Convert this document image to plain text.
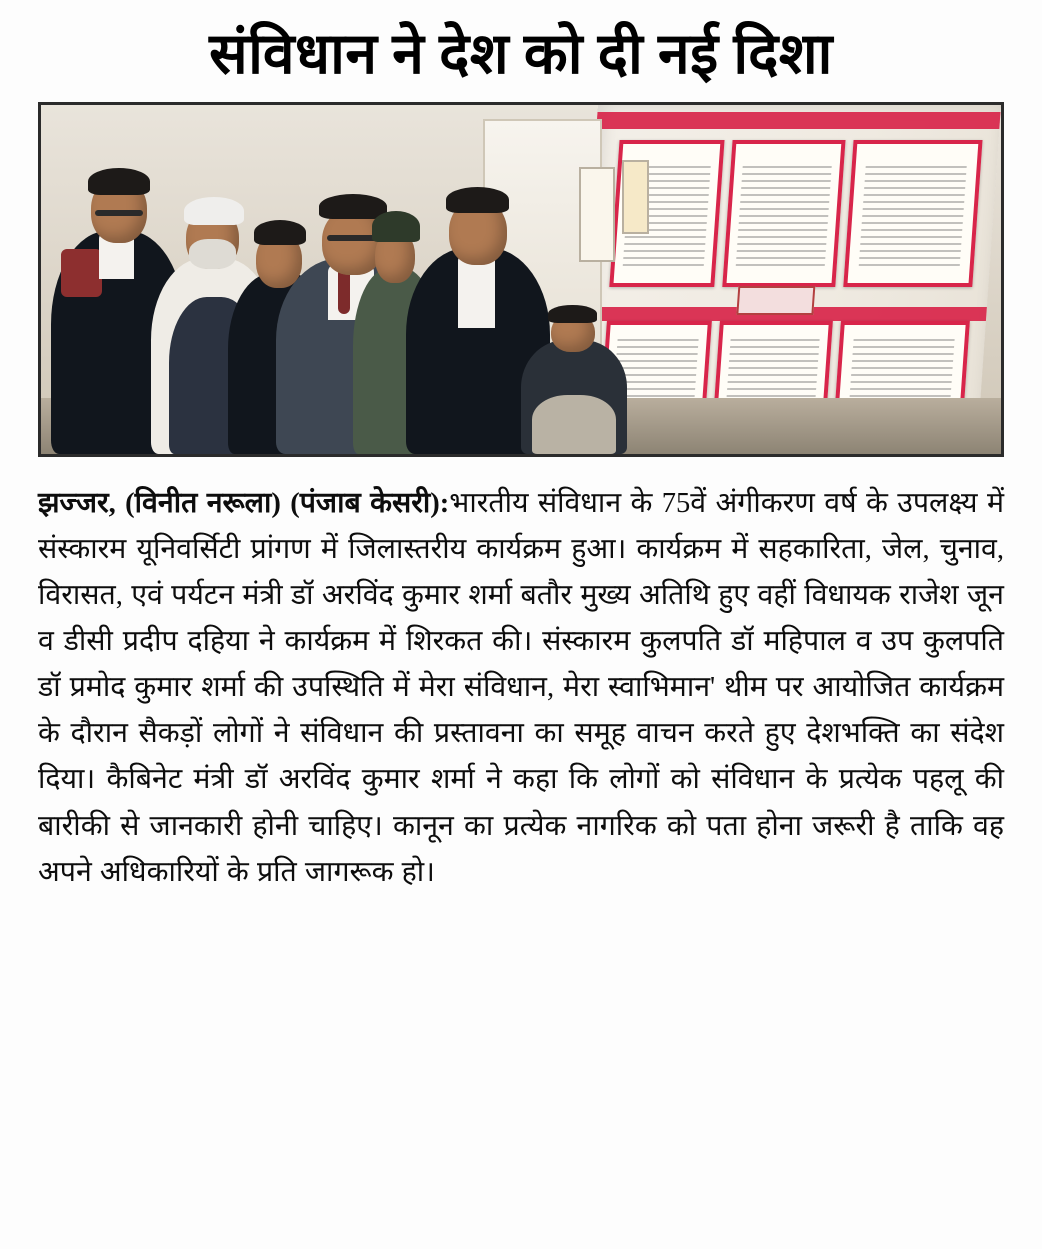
संविधान ने देश को दी नई दिशा
झज्जर, (विनीत नरूला) (पंजाब केसरी):भारतीय संविधान के 75वें अंगीकरण वर्ष के उपलक्ष्य में संस्कारम यूनिवर्सिटी प्रांगण में जिलास्तरीय कार्यक्रम हुआ। कार्यक्रम में सहकारिता, जेल, चुनाव, विरासत, एवं पर्यटन मंत्री डॉ अरविंद कुमार शर्मा बतौर मुख्य अतिथि हुए वहीं विधायक राजेश जून व डीसी प्रदीप दहिया ने कार्यक्रम में शिरकत की। संस्कारम कुलपति डॉ महिपाल व उप कुलपति डॉ प्रमोद कुमार शर्मा की उपस्थिति में मेरा संविधान, मेरा स्वाभिमान' थीम पर आयोजित कार्यक्रम के दौरान सैकड़ों लोगों ने संविधान की प्रस्तावना का समूह वाचन करते हुए देशभक्ति का संदेश दिया। कैबिनेट मंत्री डॉ अरविंद कुमार शर्मा ने कहा कि लोगों को संविधान के प्रत्येक पहलू की बारीकी से जानकारी होनी चाहिए। कानून का प्रत्येक नागरिक को पता होना जरूरी है ताकि वह अपने अधिकारियों के प्रति जागरूक हो।
